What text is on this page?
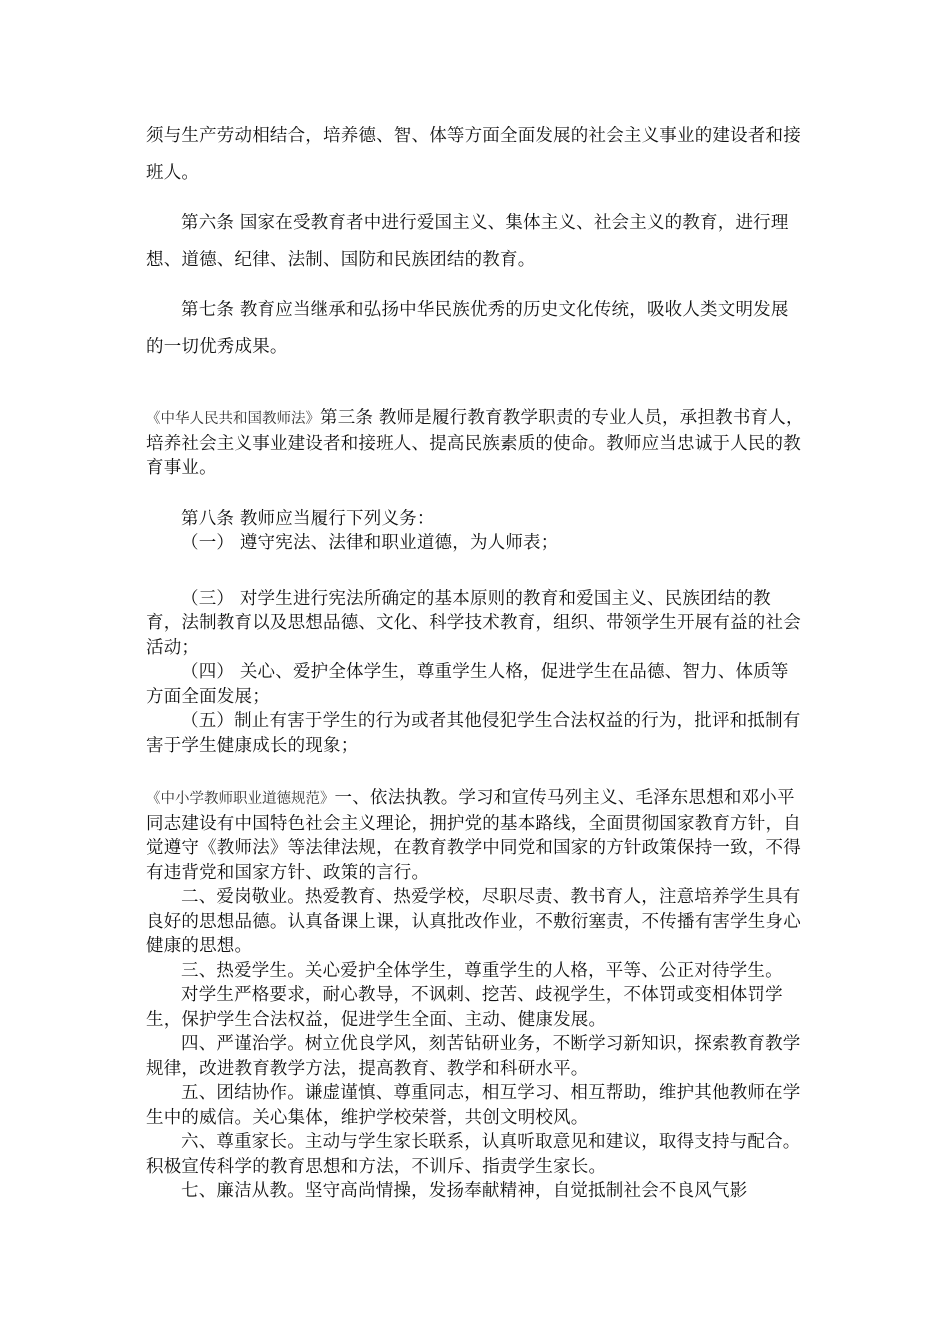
须与生产劳动相结合，培养德、智、体等方面全面发展的社会主义事业的建设者和接班人。

第六条 国家在受教育者中进行爱国主义、集体主义、社会主义的教育，进行理想、道德、纪律、法制、国防和民族团结的教育。

第七条 教育应当继承和弘扬中华民族优秀的历史文化传统，吸收人类文明发展的一切优秀成果。

《中华人民共和国教师法》第三条 教师是履行教育教学职责的专业人员，承担教书育人，培养社会主义事业建设者和接班人、提高民族素质的使命。教师应当忠诚于人民的教育事业。

第八条 教师应当履行下列义务：

（一） 遵守宪法、法律和职业道德，为人师表；

（三） 对学生进行宪法所确定的基本原则的教育和爱国主义、民族团结的教育，法制教育以及思想品德、文化、科学技术教育，组织、带领学生开展有益的社会活动；

（四） 关心、爱护全体学生，尊重学生人格，促进学生在品德、智力、体质等方面全面发展；

（五）制止有害于学生的行为或者其他侵犯学生合法权益的行为，批评和抵制有害于学生健康成长的现象；

《中小学教师职业道德规范》一、依法执教。学习和宣传马列主义、毛泽东思想和邓小平同志建设有中国特色社会主义理论，拥护党的基本路线，全面贯彻国家教育方针，自觉遵守《教师法》等法律法规，在教育教学中同党和国家的方针政策保持一致，不得有违背党和国家方针、政策的言行。

二、爱岗敬业。热爱教育、热爱学校，尽职尽责、教书育人，注意培养学生具有良好的思想品德。认真备课上课，认真批改作业，不敷衍塞责，不传播有害学生身心健康的思想。

三、热爱学生。关心爱护全体学生，尊重学生的人格，平等、公正对待学生。

对学生严格要求，耐心教导，不讽刺、挖苦、歧视学生，不体罚或变相体罚学生，保护学生合法权益，促进学生全面、主动、健康发展。

四、严谨治学。树立优良学风，刻苦钻研业务，不断学习新知识，探索教育教学规律，改进教育教学方法，提高教育、教学和科研水平。

五、团结协作。谦虚谨慎、尊重同志，相互学习、相互帮助，维护其他教师在学生中的威信。关心集体，维护学校荣誉，共创文明校风。

六、尊重家长。主动与学生家长联系，认真听取意见和建议，取得支持与配合。积极宣传科学的教育思想和方法，不训斥、指责学生家长。

七、廉洁从教。坚守高尚情操，发扬奉献精神，自觉抵制社会不良风气影
